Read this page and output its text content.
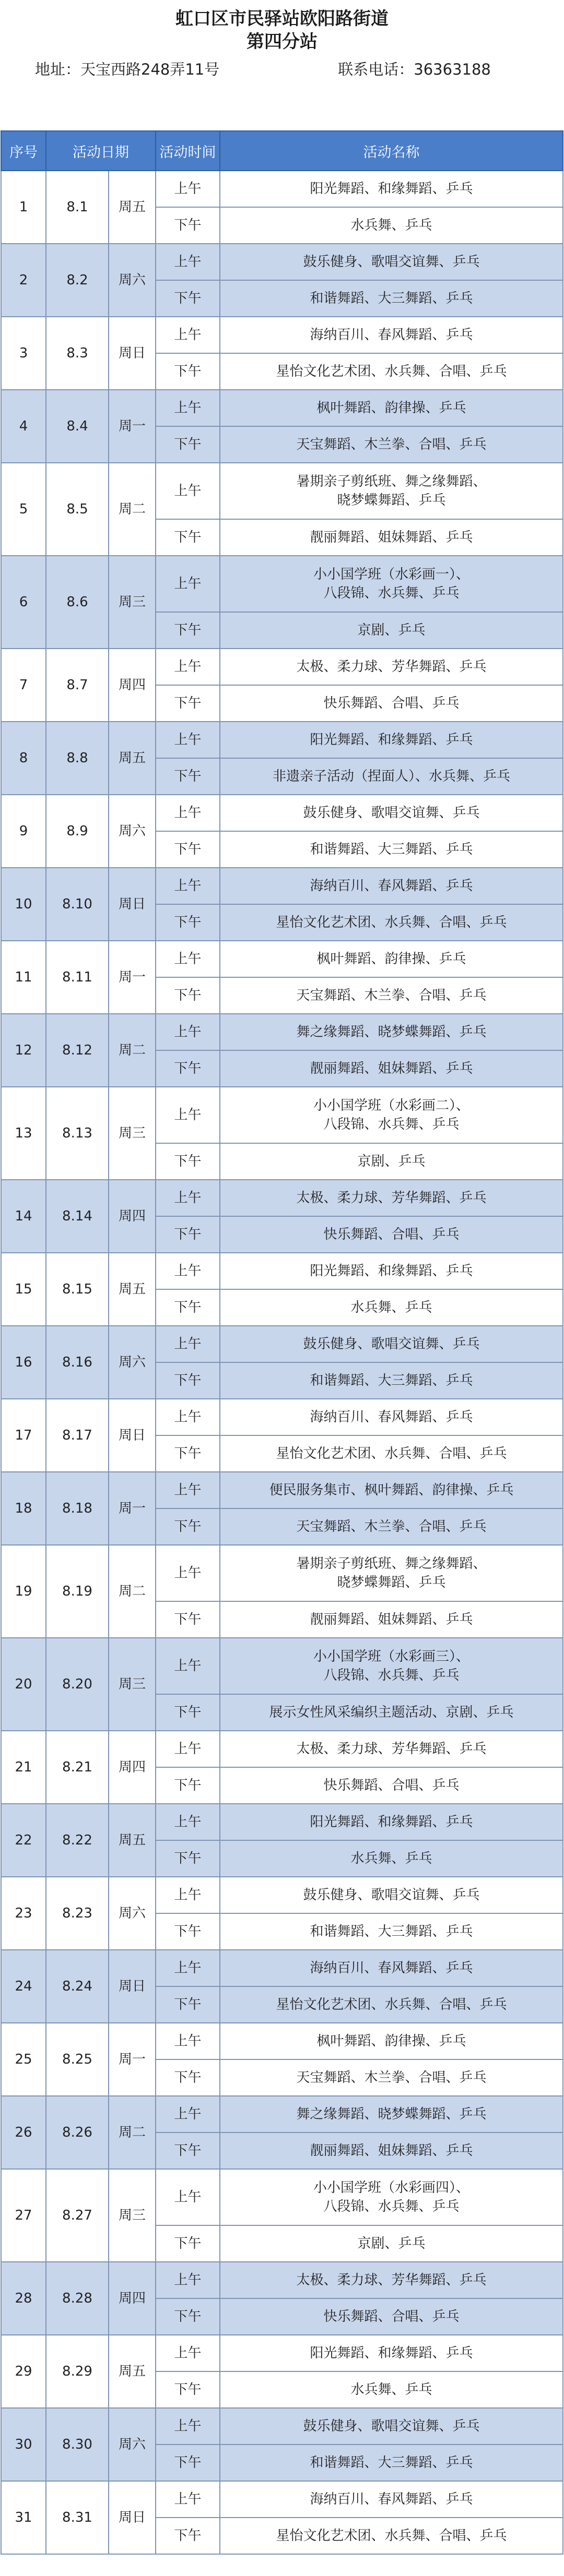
虹口区市民驿站欧阳路街道
第四分站
地址：天宝西路248弄11号	联系电话：36363188
序号	活动日期		活动时间	活动名称
1	8.1	周五	上午	阳光舞蹈、和缘舞蹈、乒乓
			下午	水兵舞、乒乓
2	8.2	周六	上午	鼓乐健身、歌唱交谊舞、乒乓
			下午	和谐舞蹈、大三舞蹈、乒乓
3	8.3	周日	上午	海纳百川、春风舞蹈、乒乓
			下午	星怡文化艺术团、水兵舞、合唱、乒乓
4	8.4	周一	上午	枫叶舞蹈、韵律操、乒乓
			下午	天宝舞蹈、木兰拳、合唱、乒乓
5	8.5	周二	上午	暑期亲子剪纸班、舞之缘舞蹈、
晓梦蝶舞蹈、乒乓
			下午	靓丽舞蹈、姐妹舞蹈、乒乓
6	8.6	周三	上午	小小国学班（水彩画一）、
八段锦、水兵舞、乒乓
			下午	京剧、乒乓
7	8.7	周四	上午	太极、柔力球、芳华舞蹈、乒乓
			下午	快乐舞蹈、合唱、乒乓
8	8.8	周五	上午	阳光舞蹈、和缘舞蹈、乒乓
			下午	非遗亲子活动（捏面人）、水兵舞、乒乓
9	8.9	周六	上午	鼓乐健身、歌唱交谊舞、乒乓
			下午	和谐舞蹈、大三舞蹈、乒乓
10	8.10	周日	上午	海纳百川、春风舞蹈、乒乓
			下午	星怡文化艺术团、水兵舞、合唱、乒乓
11	8.11	周一	上午	枫叶舞蹈、韵律操、乒乓
			下午	天宝舞蹈、木兰拳、合唱、乒乓
12	8.12	周二	上午	舞之缘舞蹈、晓梦蝶舞蹈、乒乓
			下午	靓丽舞蹈、姐妹舞蹈、乒乓
13	8.13	周三	上午	小小国学班（水彩画二）、
八段锦、水兵舞、乒乓
			下午	京剧、乒乓
14	8.14	周四	上午	太极、柔力球、芳华舞蹈、乒乓
			下午	快乐舞蹈、合唱、乒乓
15	8.15	周五	上午	阳光舞蹈、和缘舞蹈、乒乓
			下午	水兵舞、乒乓
16	8.16	周六	上午	鼓乐健身、歌唱交谊舞、乒乓
			下午	和谐舞蹈、大三舞蹈、乒乓
17	8.17	周日	上午	海纳百川、春风舞蹈、乒乓
			下午	星怡文化艺术团、水兵舞、合唱、乒乓
18	8.18	周一	上午	便民服务集市、枫叶舞蹈、韵律操、乒乓
			下午	天宝舞蹈、木兰拳、合唱、乒乓
19	8.19	周二	上午	暑期亲子剪纸班、舞之缘舞蹈、
晓梦蝶舞蹈、乒乓
			下午	靓丽舞蹈、姐妹舞蹈、乒乓
20	8.20	周三	上午	小小国学班（水彩画三）、
八段锦、水兵舞、乒乓
			下午	展示女性风采编织主题活动、京剧、乒乓
21	8.21	周四	上午	太极、柔力球、芳华舞蹈、乒乓
			下午	快乐舞蹈、合唱、乒乓
22	8.22	周五	上午	阳光舞蹈、和缘舞蹈、乒乓
			下午	水兵舞、乒乓
23	8.23	周六	上午	鼓乐健身、歌唱交谊舞、乒乓
			下午	和谐舞蹈、大三舞蹈、乒乓
24	8.24	周日	上午	海纳百川、春风舞蹈、乒乓
			下午	星怡文化艺术团、水兵舞、合唱、乒乓
25	8.25	周一	上午	枫叶舞蹈、韵律操、乒乓
			下午	天宝舞蹈、木兰拳、合唱、乒乓
26	8.26	周二	上午	舞之缘舞蹈、晓梦蝶舞蹈、乒乓
			下午	靓丽舞蹈、姐妹舞蹈、乒乓
27	8.27	周三	上午	小小国学班（水彩画四）、
八段锦、水兵舞、乒乓
			下午	京剧、乒乓
28	8.28	周四	上午	太极、柔力球、芳华舞蹈、乒乓
			下午	快乐舞蹈、合唱、乒乓
29	8.29	周五	上午	阳光舞蹈、和缘舞蹈、乒乓
			下午	水兵舞、乒乓
30	8.30	周六	上午	鼓乐健身、歌唱交谊舞、乒乓
			下午	和谐舞蹈、大三舞蹈、乒乓
31	8.31	周日	上午	海纳百川、春风舞蹈、乒乓
			下午	星怡文化艺术团、水兵舞、合唱、乒乓
